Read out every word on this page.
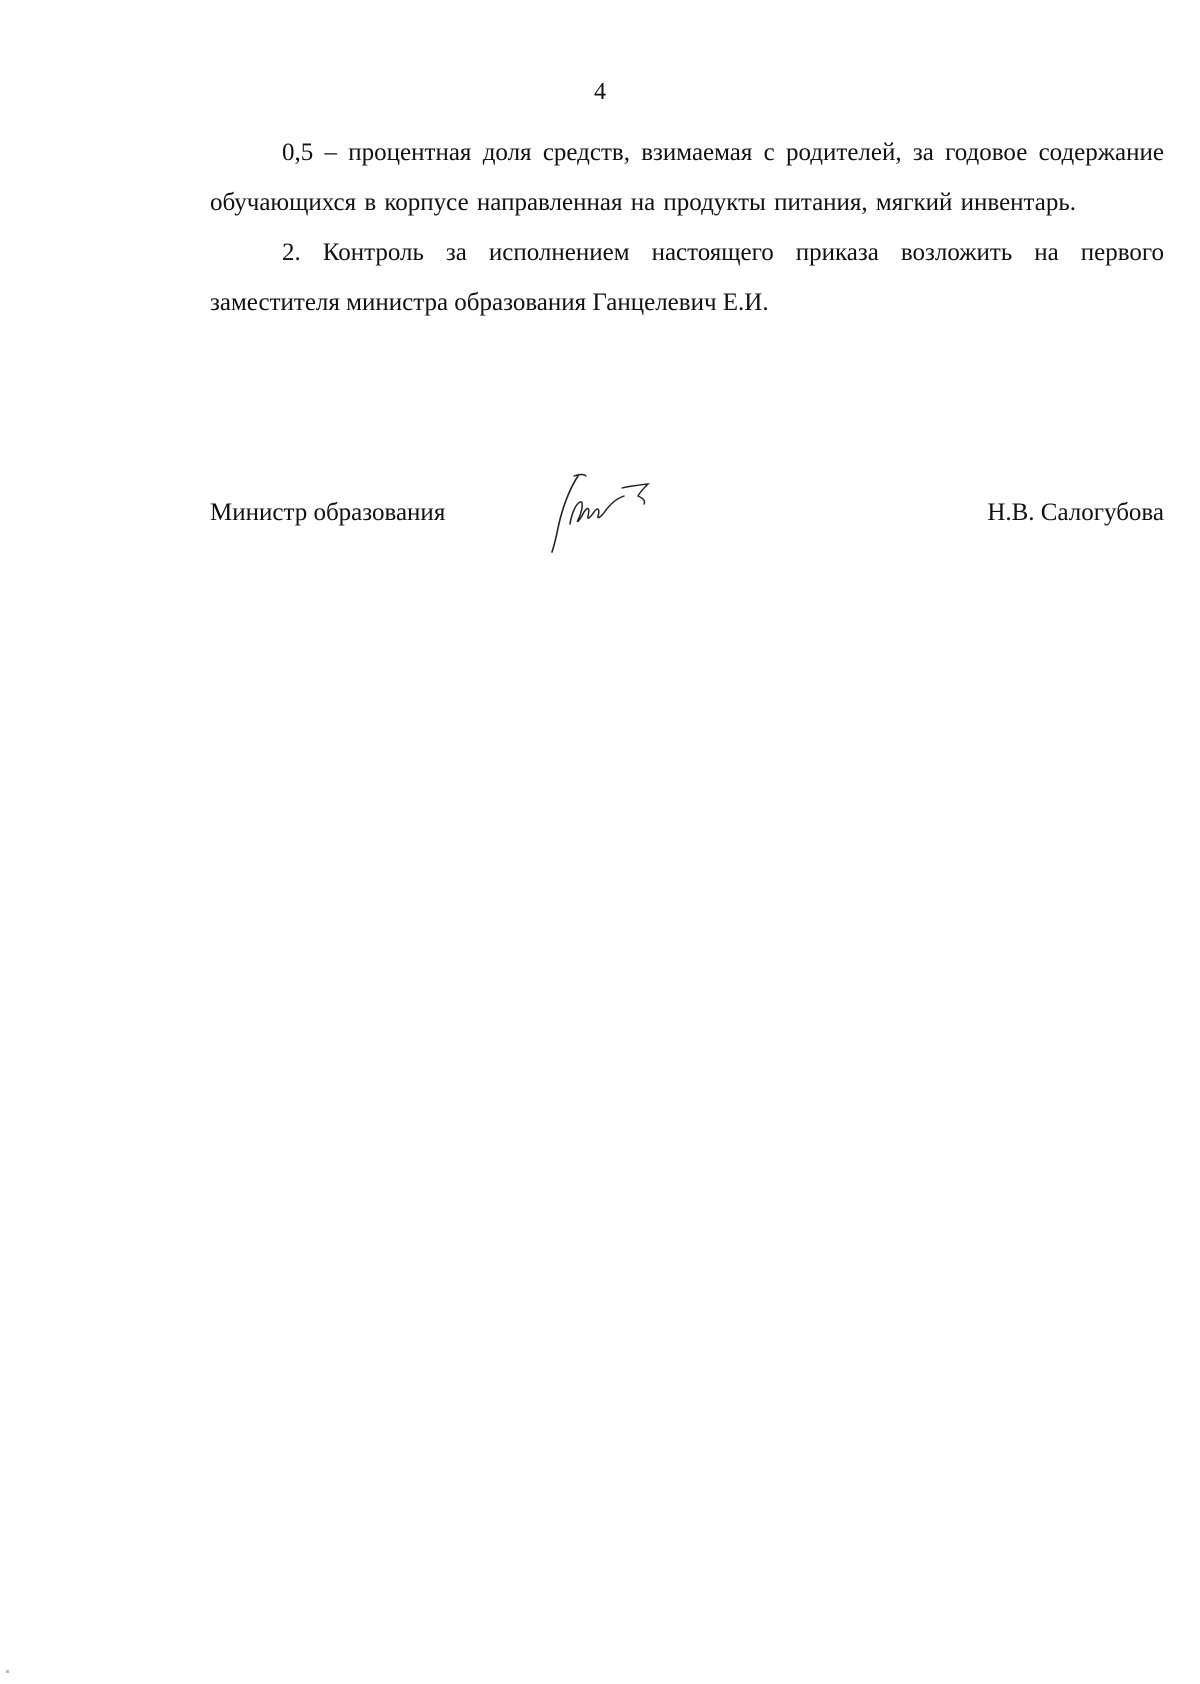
4

0,5 – процентная доля средств, взимаемая с родителей, за годовое содержание обучающихся в корпусе направленная на продукты питания, мягкий инвентарь.

2. Контроль за исполнением настоящего приказа возложить на первого заместителя министра образования Ганцелевич Е.И.

Министр образования	Н.В. Салогубова
